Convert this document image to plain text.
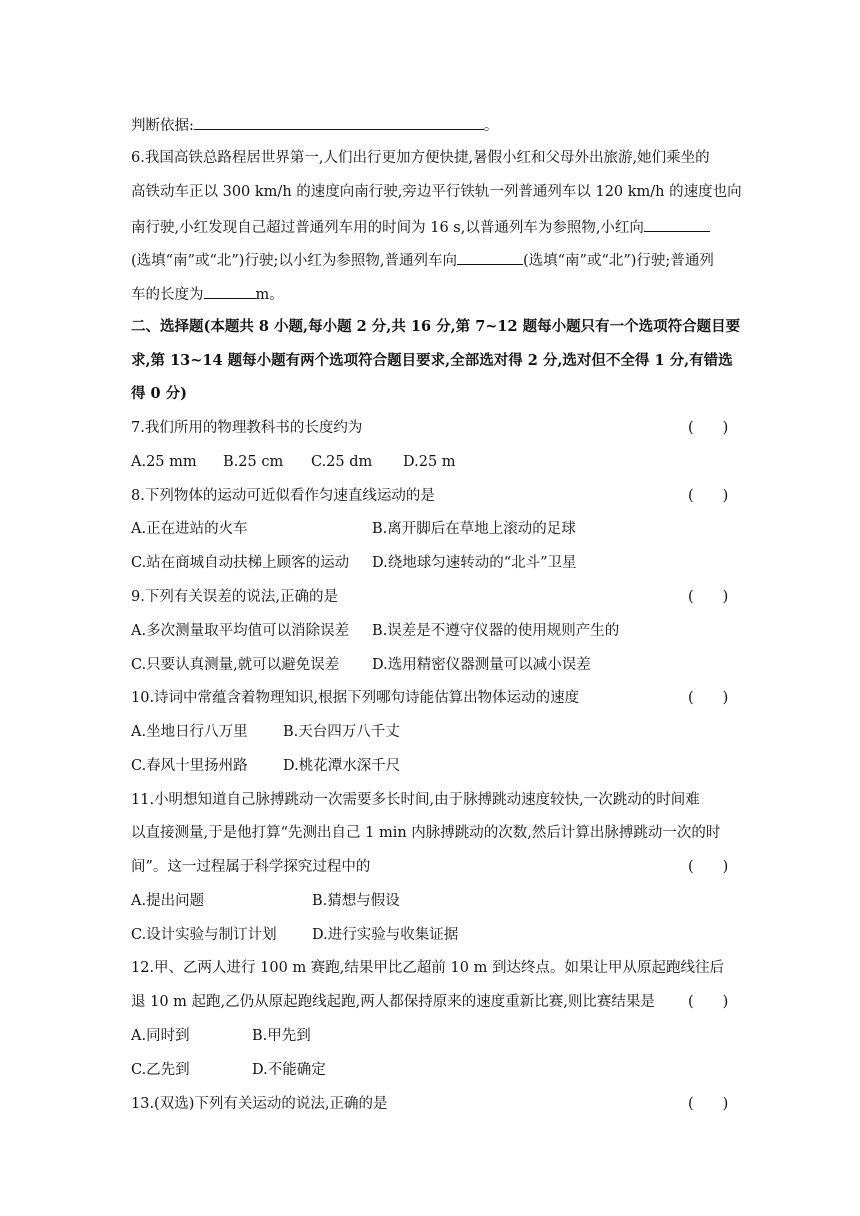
判断依据:	。
6.我国高铁总路程居世界第一,人们出行更加方便快捷,暑假小红和父母外出旅游,她们乘坐的
高铁动车正以 300 km/h 的速度向南行驶,旁边平行铁轨一列普通列车以 120 km/h 的速度也向
南行驶,小红发现自己超过普通列车用的时间为 16 s,以普通列车为参照物,小红向
(选填“南”或“北”)行驶;以小红为参照物,普通列车向	(选填“南”或“北”)行驶;普通列
车的长度为	m。
二、选择题(本题共 8 小题,每小题 2 分,共 16 分,第 7~12 题每小题只有一个选项符合题目要
求,第 13~14 题每小题有两个选项符合题目要求,全部选对得 2 分,选对但不全得 1 分,有错选
得 0 分)
7.我们所用的物理教科书的长度约为	(　　)
A.25 mm B.25 cm C.25 dm D.25 m
8.下列物体的运动可近似看作匀速直线运动的是	(　　)
A.正在进站的火车	B.离开脚后在草地上滚动的足球
C.站在商城自动扶梯上顾客的运动 D.绕地球匀速转动的“北斗”卫星
9.下列有关误差的说法,正确的是	(　　)
A.多次测量取平均值可以消除误差 B.误差是不遵守仪器的使用规则产生的
C.只要认真测量,就可以避免误差 D.选用精密仪器测量可以减小误差
10.诗词中常蕴含着物理知识,根据下列哪句诗能估算出物体运动的速度	(　　)
A.坐地日行八万里 B.天台四万八千丈
C.春风十里扬州路 D.桃花潭水深千尺
11.小明想知道自己脉搏跳动一次需要多长时间,由于脉搏跳动速度较快,一次跳动的时间难
以直接测量,于是他打算“先测出自己 1 min 内脉搏跳动的次数,然后计算出脉搏跳动一次的时
间”。这一过程属于科学探究过程中的	(　　)
A.提出问题	B.猜想与假设
C.设计实验与制订计划 D.进行实验与收集证据
12.甲、乙两人进行 100 m 赛跑,结果甲比乙超前 10 m 到达终点。如果让甲从原起跑线往后
退 10 m 起跑,乙仍从原起跑线起跑,两人都保持原来的速度重新比赛,则比赛结果是 (　　)
A.同时到	B.甲先到
C.乙先到	D.不能确定
13.(双选)下列有关运动的说法,正确的是	(　　)
